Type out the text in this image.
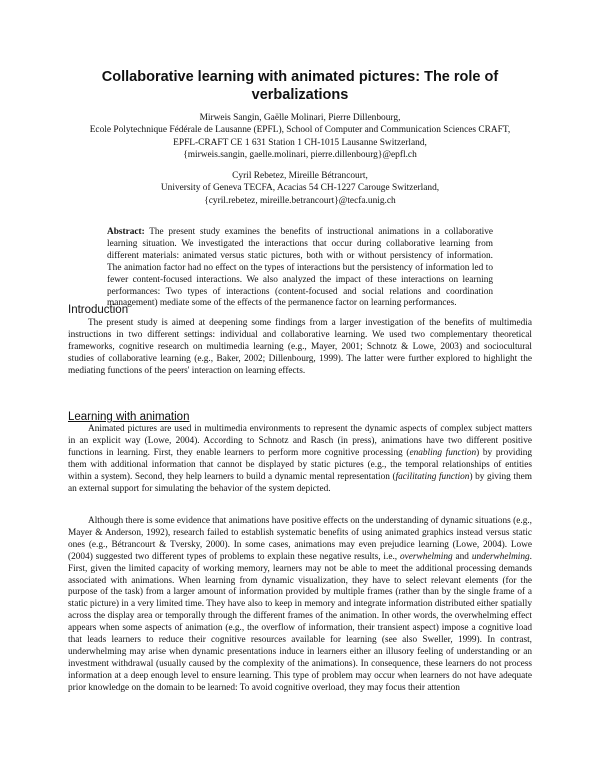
Collaborative learning with animated pictures: The role of verbalizations
Mirweis Sangin, Gaëlle Molinari, Pierre Dillenbourg,
Ecole Polytechnique Fédérale de Lausanne (EPFL), School of Computer and Communication Sciences CRAFT,
EPFL-CRAFT CE 1 631 Station 1 CH-1015 Lausanne Switzerland,
{mirweis.sangin, gaelle.molinari, pierre.dillenbourg}@epfl.ch
Cyril Rebetez, Mireille Bétrancourt,
University of Geneva TECFA, Acacias 54 CH-1227 Carouge Switzerland,
{cyril.rebetez, mireille.betrancourt}@tecfa.unig.ch
Abstract: The present study examines the benefits of instructional animations in a collaborative learning situation. We investigated the interactions that occur during collaborative learning from different materials: animated versus static pictures, both with or without persistency of information. The animation factor had no effect on the types of interactions but the persistency of information led to fewer content-focused interactions. We also analyzed the impact of these interactions on learning performances: Two types of interactions (content-focused and social relations and coordination management) mediate some of the effects of the permanence factor on learning performances.
Introduction
The present study is aimed at deepening some findings from a larger investigation of the benefits of multimedia instructions in two different settings: individual and collaborative learning. We used two complementary theoretical frameworks, cognitive research on multimedia learning (e.g., Mayer, 2001; Schnotz & Lowe, 2003) and sociocultural studies of collaborative learning (e.g., Baker, 2002; Dillenbourg, 1999). The latter were further explored to highlight the mediating functions of the peers' interaction on learning effects.
Learning with animation
Animated pictures are used in multimedia environments to represent the dynamic aspects of complex subject matters in an explicit way (Lowe, 2004). According to Schnotz and Rasch (in press), animations have two different positive functions in learning. First, they enable learners to perform more cognitive processing (enabling function) by providing them with additional information that cannot be displayed by static pictures (e.g., the temporal relationships of entities within a system). Second, they help learners to build a dynamic mental representation (facilitating function) by giving them an external support for simulating the behavior of the system depicted.
Although there is some evidence that animations have positive effects on the understanding of dynamic situations (e.g., Mayer & Anderson, 1992), research failed to establish systematic benefits of using animated graphics instead versus static ones (e.g., Bétrancourt & Tversky, 2000). In some cases, animations may even prejudice learning (Lowe, 2004). Lowe (2004) suggested two different types of problems to explain these negative results, i.e., overwhelming and underwhelming. First, given the limited capacity of working memory, learners may not be able to meet the additional processing demands associated with animations. When learning from dynamic visualization, they have to select relevant elements (for the purpose of the task) from a larger amount of information provided by multiple frames (rather than by the single frame of a static picture) in a very limited time. They have also to keep in memory and integrate information distributed either spatially across the display area or temporally through the different frames of the animation. In other words, the overwhelming effect appears when some aspects of animation (e.g., the overflow of information, their transient aspect) impose a cognitive load that leads learners to reduce their cognitive resources available for learning (see also Sweller, 1999). In contrast, underwhelming may arise when dynamic presentations induce in learners either an illusory feeling of understanding or an investment withdrawal (usually caused by the complexity of the animations). In consequence, these learners do not process information at a deep enough level to ensure learning. This type of problem may occur when learners do not have adequate prior knowledge on the domain to be learned: To avoid cognitive overload, they may focus their attention
